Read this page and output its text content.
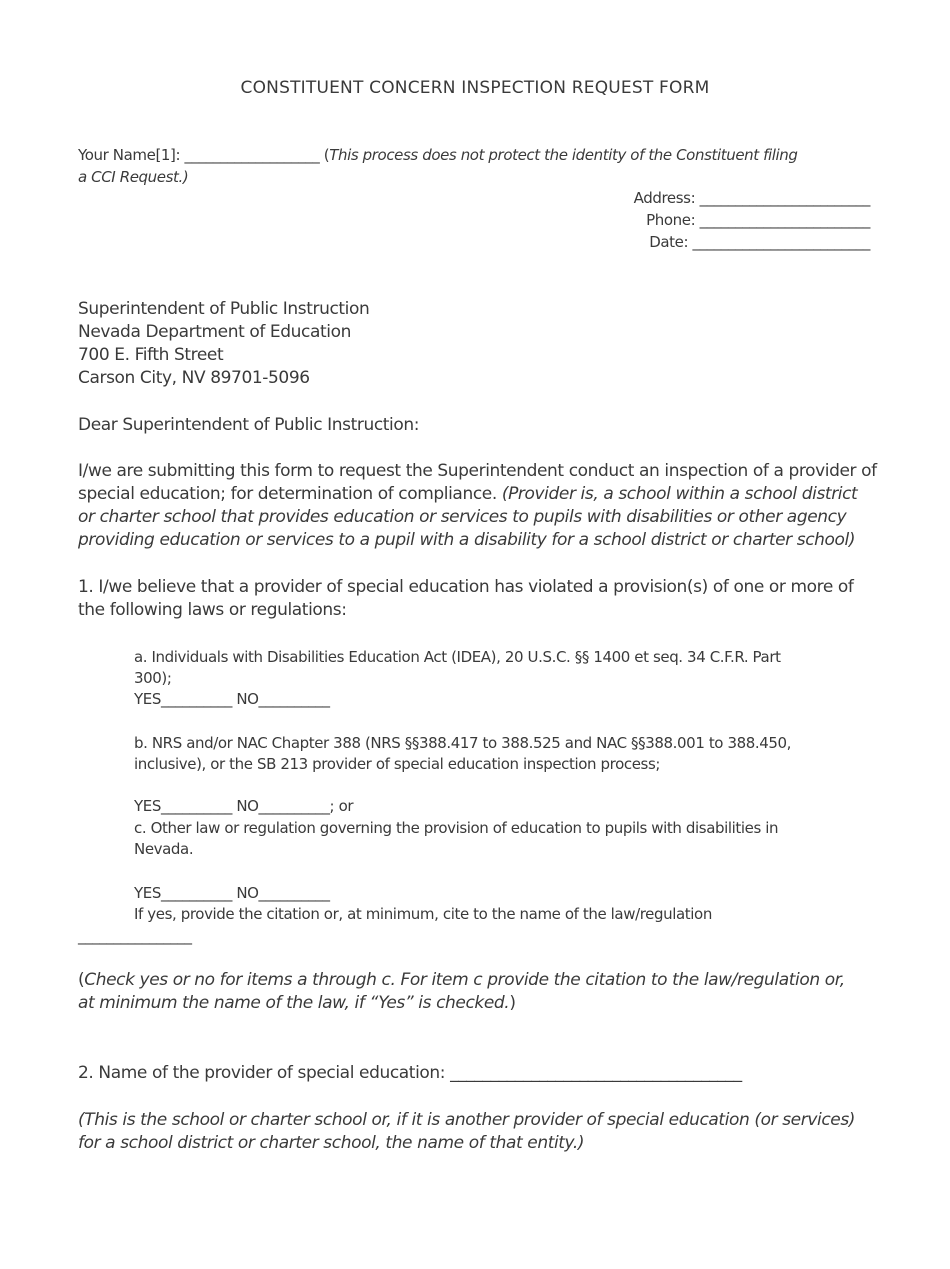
CONSTITUENT CONCERN INSPECTION REQUEST FORM
Your Name[1]: ___________________ (This process does not protect the identity of the Constituent filing
a CCI Request.)
Address: ________________________
Phone: ________________________
Date: _________________________
Superintendent of Public Instruction
Nevada Department of Education
700 E. Fifth Street
Carson City, NV 89701-5096
Dear Superintendent of Public Instruction:
I/we are submitting this form to request the Superintendent conduct an inspection of a provider of
special education; for determination of compliance. (Provider is, a school within a school district
or charter school that provides education or services to pupils with disabilities or other agency
providing education or services to a pupil with a disability for a school district or charter school)
1. I/we believe that a provider of special education has violated a provision(s) of one or more of
the following laws or regulations:
a. Individuals with Disabilities Education Act (IDEA), 20 U.S.C. §§ 1400 et seq. 34 C.F.R. Part
300);
YES__________ NO__________
b. NRS and/or NAC Chapter 388 (NRS §§388.417 to 388.525 and NAC §§388.001 to 388.450,
inclusive), or the SB 213 provider of special education inspection process;
YES__________ NO__________; or
c. Other law or regulation governing the provision of education to pupils with disabilities in
Nevada.
YES__________ NO__________
If yes, provide the citation or, at minimum, cite to the name of the law/regulation
________________
(Check yes or no for items a through c. For item c provide the citation to the law/regulation or,
at minimum the name of the law, if “Yes” is checked.)
2. Name of the provider of special education: ____________________________________
(This is the school or charter school or, if it is another provider of special education (or services)
for a school district or charter school, the name of that entity.)
